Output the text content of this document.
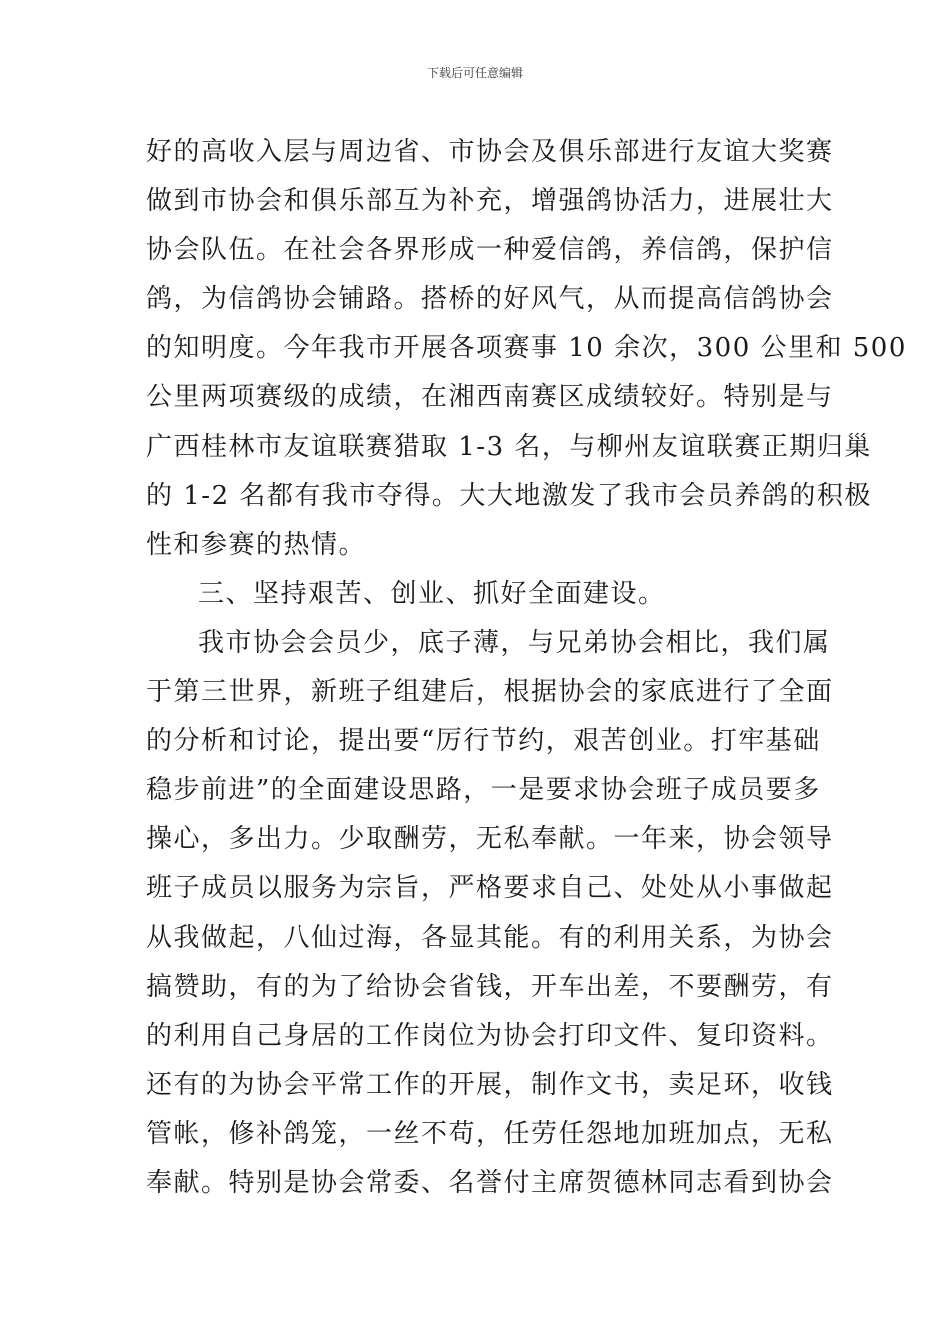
下载后可任意编辑
好的高收入层与周边省、市协会及俱乐部进行友谊大奖赛
做到市协会和俱乐部互为补充，增强鸽协活力，进展壮大
协会队伍。在社会各界形成一种爱信鸽，养信鸽，保护信
鸽，为信鸽协会铺路。搭桥的好风气，从而提高信鸽协会
的知明度。今年我市开展各项赛事 10 余次，300 公里和 500
公里两项赛级的成绩，在湘西南赛区成绩较好。特别是与
广西桂林市友谊联赛猎取 1-3 名，与柳州友谊联赛正期归巢
的 1-2 名都有我市夺得。大大地激发了我市会员养鸽的积极
性和参赛的热情。
三、坚持艰苦、创业、抓好全面建设。
我市协会会员少，底子薄，与兄弟协会相比，我们属
于第三世界，新班子组建后，根据协会的家底进行了全面
的分析和讨论，提出要“厉行节约，艰苦创业。打牢基础
稳步前进”的全面建设思路，一是要求协会班子成员要多
操心，多出力。少取酬劳，无私奉献。一年来，协会领导
班子成员以服务为宗旨，严格要求自己、处处从小事做起
从我做起，八仙过海，各显其能。有的利用关系，为协会
搞赞助，有的为了给协会省钱，开车出差，不要酬劳，有
的利用自己身居的工作岗位为协会打印文件、复印资料。
还有的为协会平常工作的开展，制作文书，卖足环，收钱
管帐，修补鸽笼，一丝不苟，任劳任怨地加班加点，无私
奉献。特别是协会常委、名誉付主席贺德林同志看到协会
